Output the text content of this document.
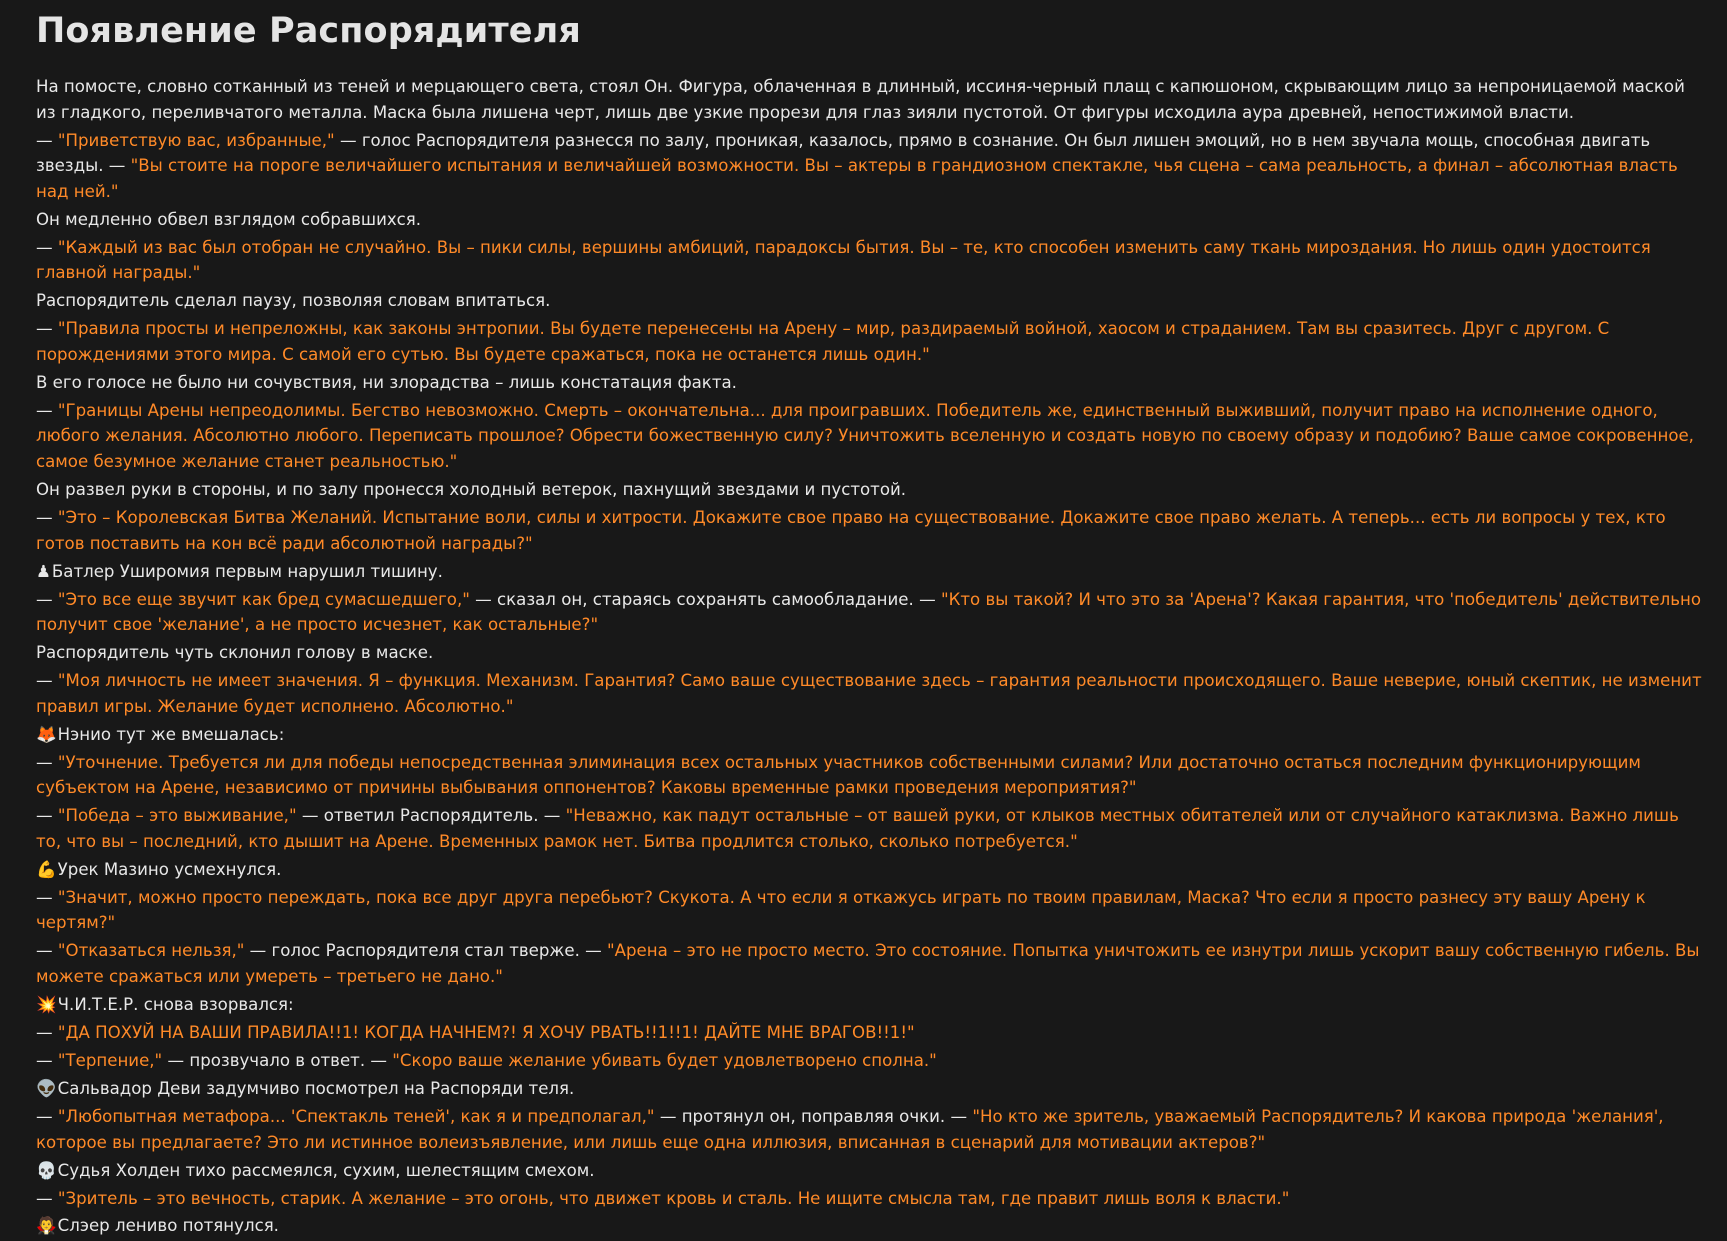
Появление Распорядителя

На помосте, словно сотканный из теней и мерцающего света, стоял Он. Фигура, облаченная в длинный, иссиня-черный плащ с капюшоном, скрывающим лицо за непроницаемой маской из гладкого, переливчатого металла. Маска была лишена черт, лишь две узкие прорези для глаз зияли пустотой. От фигуры исходила аура древней, непостижимой власти.

— "Приветствую вас, избранные," — голос Распорядителя разнесся по залу, проникая, казалось, прямо в сознание. Он был лишен эмоций, но в нем звучала мощь, способная двигать звезды. — "Вы стоите на пороге величайшего испытания и величайшей возможности. Вы – актеры в грандиозном спектакле, чья сцена – сама реальность, а финал – абсолютная власть над ней."

Он медленно обвел взглядом собравшихся.

— "Каждый из вас был отобран не случайно. Вы – пики силы, вершины амбиций, парадоксы бытия. Вы – те, кто способен изменить саму ткань мироздания. Но лишь один удостоится главной награды."

Распорядитель сделал паузу, позволяя словам впитаться.

— "Правила просты и непреложны, как законы энтропии. Вы будете перенесены на Арену – мир, раздираемый войной, хаосом и страданием. Там вы сразитесь. Друг с другом. С порождениями этого мира. С самой его сутью. Вы будете сражаться, пока не останется лишь один."

В его голосе не было ни сочувствия, ни злорадства – лишь констатация факта.

— "Границы Арены непреодолимы. Бегство невозможно. Смерть – окончательна... для проигравших. Победитель же, единственный выживший, получит право на исполнение одного, любого желания. Абсолютно любого. Переписать прошлое? Обрести божественную силу? Уничтожить вселенную и создать новую по своему образу и подобию? Ваше самое сокровенное, самое безумное желание станет реальностью."

Он развел руки в стороны, и по залу пронесся холодный ветерок, пахнущий звездами и пустотой.

— "Это – Королевская Битва Желаний. Испытание воли, силы и хитрости. Докажите свое право на существование. Докажите свое право желать. А теперь... есть ли вопросы у тех, кто готов поставить на кон всё ради абсолютной награды?"

♟Батлер Уширомия первым нарушил тишину.

— "Это все еще звучит как бред сумасшедшего," — сказал он, стараясь сохранять самообладание. — "Кто вы такой? И что это за 'Арена'? Какая гарантия, что 'победитель' действительно получит свое 'желание', а не просто исчезнет, как остальные?"

Распорядитель чуть склонил голову в маске.

— "Моя личность не имеет значения. Я – функция. Механизм. Гарантия? Само ваше существование здесь – гарантия реальности происходящего. Ваше неверие, юный скептик, не изменит правил игры. Желание будет исполнено. Абсолютно."

🦊Нэнио тут же вмешалась:

— "Уточнение. Требуется ли для победы непосредственная элиминация всех остальных участников собственными силами? Или достаточно остаться последним функционирующим субъектом на Арене, независимо от причины выбывания оппонентов? Каковы временные рамки проведения мероприятия?"

— "Победа – это выживание," — ответил Распорядитель. — "Неважно, как падут остальные – от вашей руки, от клыков местных обитателей или от случайного катаклизма. Важно лишь то, что вы – последний, кто дышит на Арене. Временных рамок нет. Битва продлится столько, сколько потребуется."

💪Урек Мазино усмехнулся.

— "Значит, можно просто переждать, пока все друг друга перебьют? Скукота. А что если я откажусь играть по твоим правилам, Маска? Что если я просто разнесу эту вашу Арену к чертям?"

— "Отказаться нельзя," — голос Распорядителя стал тверже. — "Арена – это не просто место. Это состояние. Попытка уничтожить ее изнутри лишь ускорит вашу собственную гибель. Вы можете сражаться или умереть – третьего не дано."

💥Ч.И.Т.Е.Р. снова взорвался:

— "ДА ПОХУЙ НА ВАШИ ПРАВИЛА!!1! КОГДА НАЧНЕМ?! Я ХОЧУ РВАТЬ!!1!!1! ДАЙТЕ МНЕ ВРАГОВ!!1!"

— "Терпение," — прозвучало в ответ. — "Скоро ваше желание убивать будет удовлетворено сполна."

👽Сальвадор Деви задумчиво посмотрел на Распоряди теля.

— "Любопытная метафора... 'Спектакль теней', как я и предполагал," — протянул он, поправляя очки. — "Но кто же зритель, уважаемый Распорядитель? И какова природа 'желания', которое вы предлагаете? Это ли истинное волеизъявление, или лишь еще одна иллюзия, вписанная в сценарий для мотивации актеров?"

💀Судья Холден тихо рассмеялся, сухим, шелестящим смехом.

— "Зритель – это вечность, старик. А желание – это огонь, что движет кровь и сталь. Не ищите смысла там, где правит лишь воля к власти."

🧛Слэер лениво потянулся.
